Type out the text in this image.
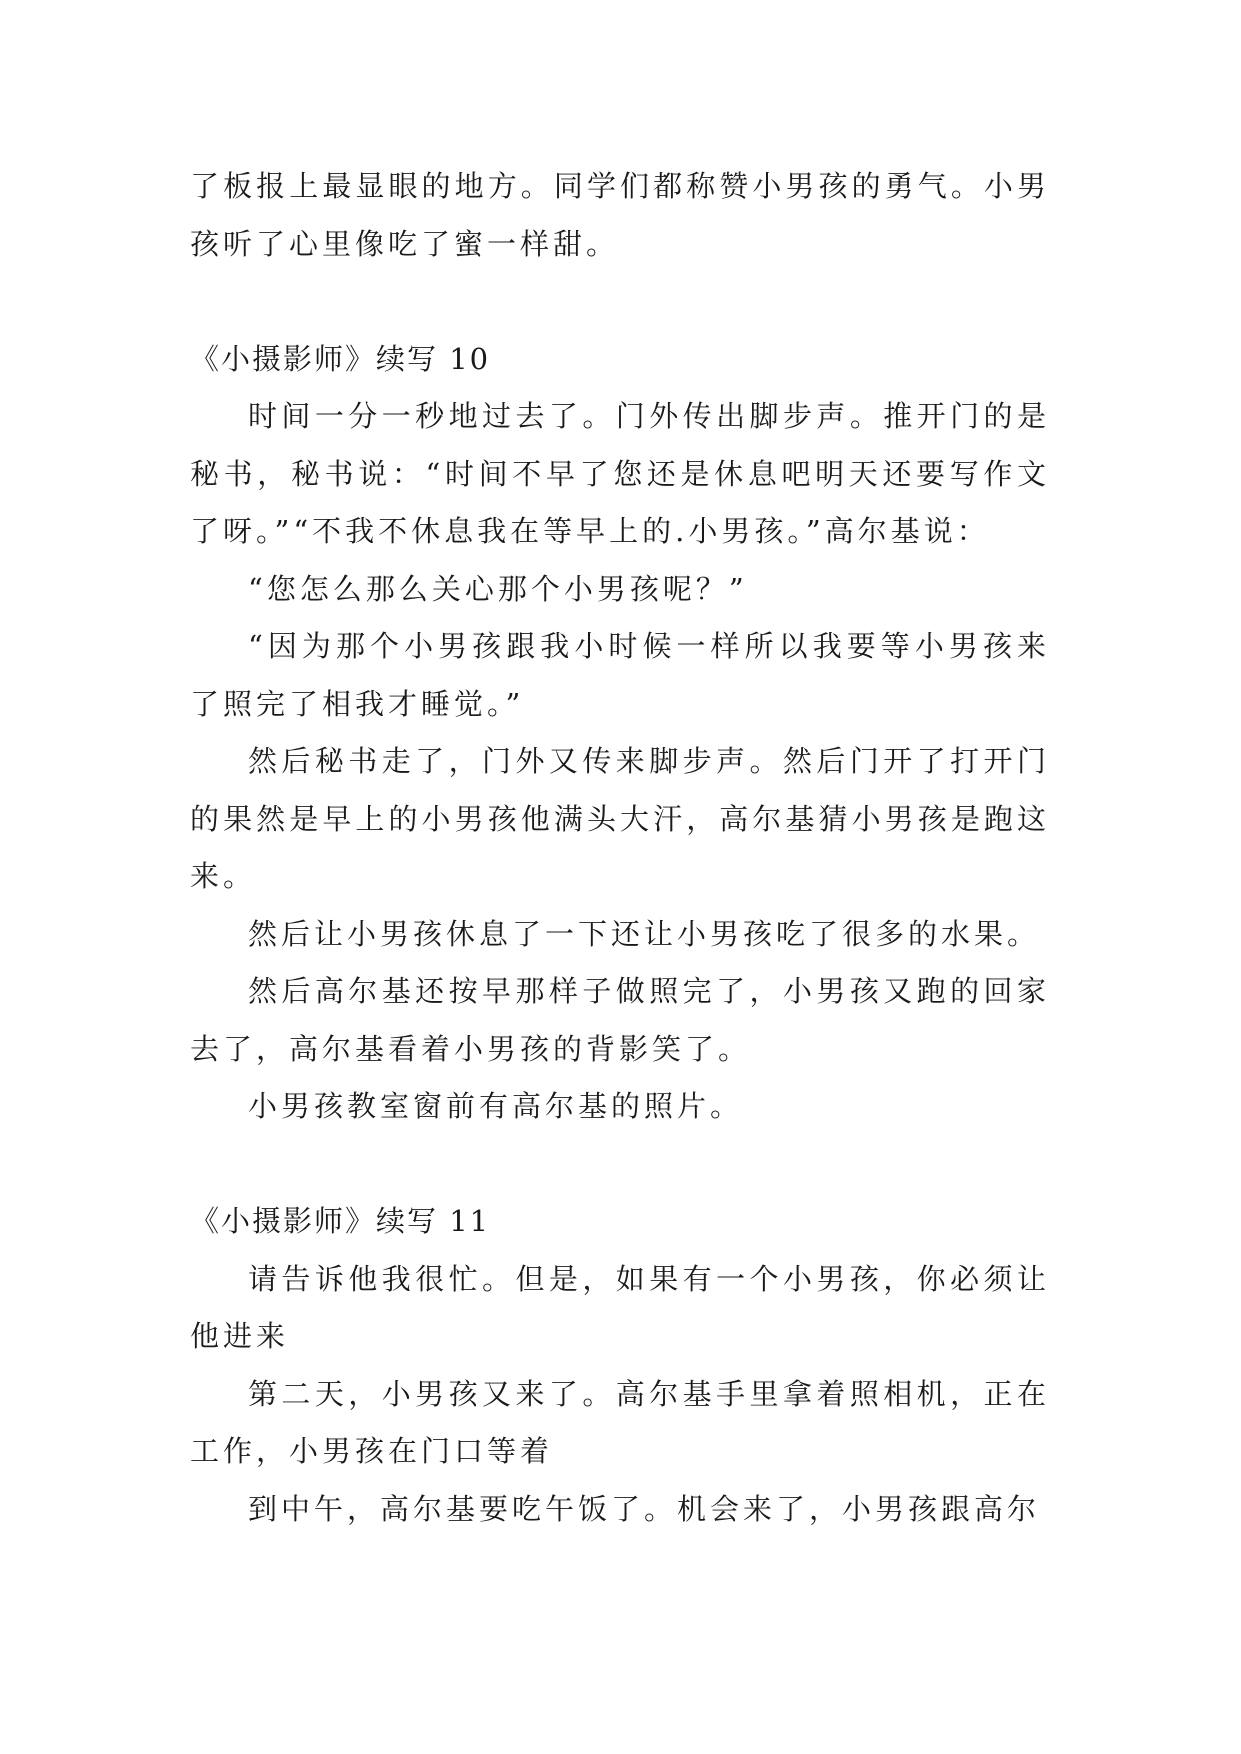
了板报上最显眼的地方。同学们都称赞小男孩的勇气。小男孩听了心里像吃了蜜一样甜。

《小摄影师》续写 10

时间一分一秒地过去了。门外传出脚步声。推开门的是秘书，秘书说：“时间不早了您还是休息吧明天还要写作文了呀。”“不我不休息我在等早上的.小男孩。”高尔基说：

“您怎么那么关心那个小男孩呢？”

“因为那个小男孩跟我小时候一样所以我要等小男孩来了照完了相我才睡觉。”

然后秘书走了，门外又传来脚步声。然后门开了打开门的果然是早上的小男孩他满头大汗，高尔基猜小男孩是跑这来。

然后让小男孩休息了一下还让小男孩吃了很多的水果。

然后高尔基还按早那样子做照完了，小男孩又跑的回家去了，高尔基看着小男孩的背影笑了。

小男孩教室窗前有高尔基的照片。

《小摄影师》续写 11

请告诉他我很忙。但是，如果有一个小男孩，你必须让他进来

第二天，小男孩又来了。高尔基手里拿着照相机，正在工作，小男孩在门口等着

到中午，高尔基要吃午饭了。机会来了，小男孩跟高尔
